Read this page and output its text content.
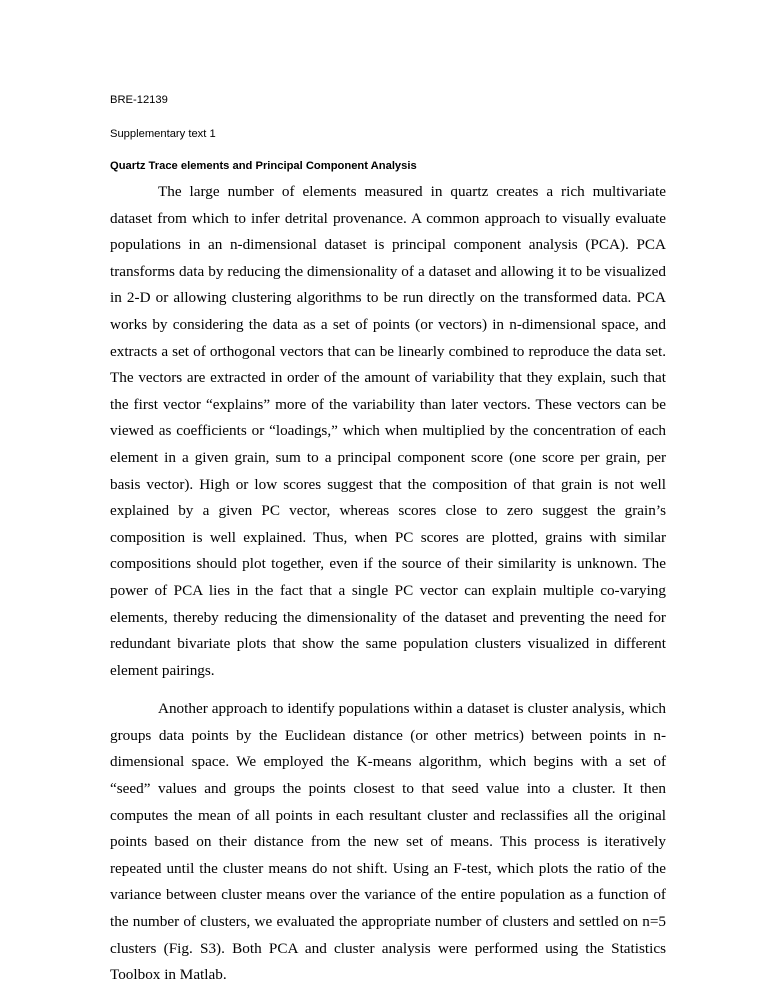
BRE-12139

Supplementary text 1

Quartz Trace elements and Principal Component Analysis

The large number of elements measured in quartz creates a rich multivariate dataset from which to infer detrital provenance. A common approach to visually evaluate populations in an n-dimensional dataset is principal component analysis (PCA). PCA transforms data by reducing the dimensionality of a dataset and allowing it to be visualized in 2-D or allowing clustering algorithms to be run directly on the transformed data. PCA works by considering the data as a set of points (or vectors) in n-dimensional space, and extracts a set of orthogonal vectors that can be linearly combined to reproduce the data set. The vectors are extracted in order of the amount of variability that they explain, such that the first vector “explains” more of the variability than later vectors. These vectors can be viewed as coefficients or “loadings,” which when multiplied by the concentration of each element in a given grain, sum to a principal component score (one score per grain, per basis vector). High or low scores suggest that the composition of that grain is not well explained by a given PC vector, whereas scores close to zero suggest the grain’s composition is well explained. Thus, when PC scores are plotted, grains with similar compositions should plot together, even if the source of their similarity is unknown. The power of PCA lies in the fact that a single PC vector can explain multiple co-varying elements, thereby reducing the dimensionality of the dataset and preventing the need for redundant bivariate plots that show the same population clusters visualized in different element pairings.

Another approach to identify populations within a dataset is cluster analysis, which groups data points by the Euclidean distance (or other metrics) between points in n-dimensional space. We employed the K-means algorithm, which begins with a set of “seed” values and groups the points closest to that seed value into a cluster. It then computes the mean of all points in each resultant cluster and reclassifies all the original points based on their distance from the new set of means. This process is iteratively repeated until the cluster means do not shift. Using an F-test, which plots the ratio of the variance between cluster means over the variance of the entire population as a function of the number of clusters, we evaluated the appropriate number of clusters and settled on n=5 clusters (Fig. S3). Both PCA and cluster analysis were performed using the Statistics Toolbox in Matlab.
